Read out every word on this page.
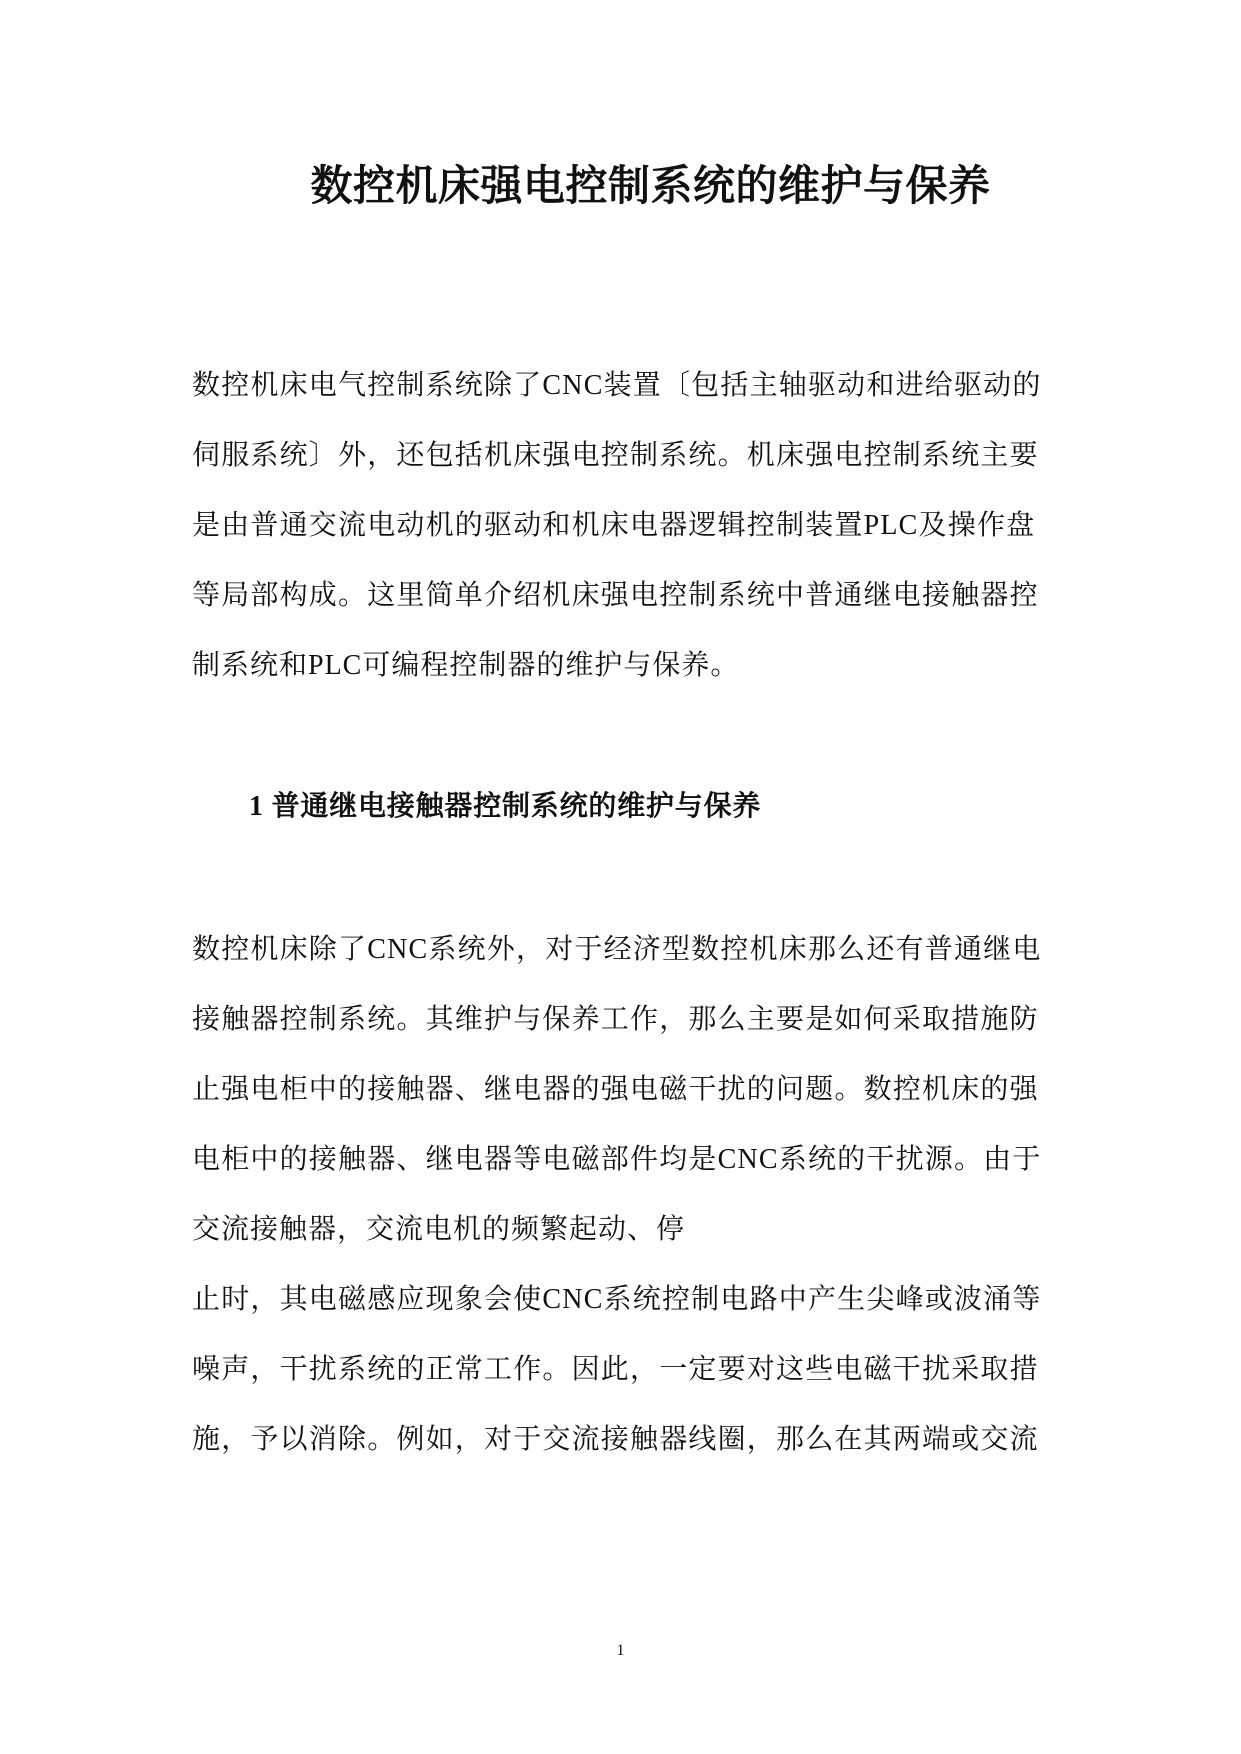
数控机床强电控制系统的维护与保养

数控机床电气控制系统除了CNC装置〔包括主轴驱动和进给驱动的

伺服系统〕外，还包括机床强电控制系统。机床强电控制系统主要

是由普通交流电动机的驱动和机床电器逻辑控制装置PLC及操作盘

等局部构成。这里简单介绍机床强电控制系统中普通继电接触器控

制系统和PLC可编程控制器的维护与保养。

1 普通继电接触器控制系统的维护与保养

数控机床除了CNC系统外，对于经济型数控机床那么还有普通继电

接触器控制系统。其维护与保养工作，那么主要是如何采取措施防

止强电柜中的接触器、继电器的强电磁干扰的问题。数控机床的强

电柜中的接触器、继电器等电磁部件均是CNC系统的干扰源。由于

交流接触器，交流电机的频繁起动、停

止时，其电磁感应现象会使CNC系统控制电路中产生尖峰或波涌等

噪声，干扰系统的正常工作。因此，一定要对这些电磁干扰采取措

施，予以消除。例如，对于交流接触器线圈，那么在其两端或交流

1
